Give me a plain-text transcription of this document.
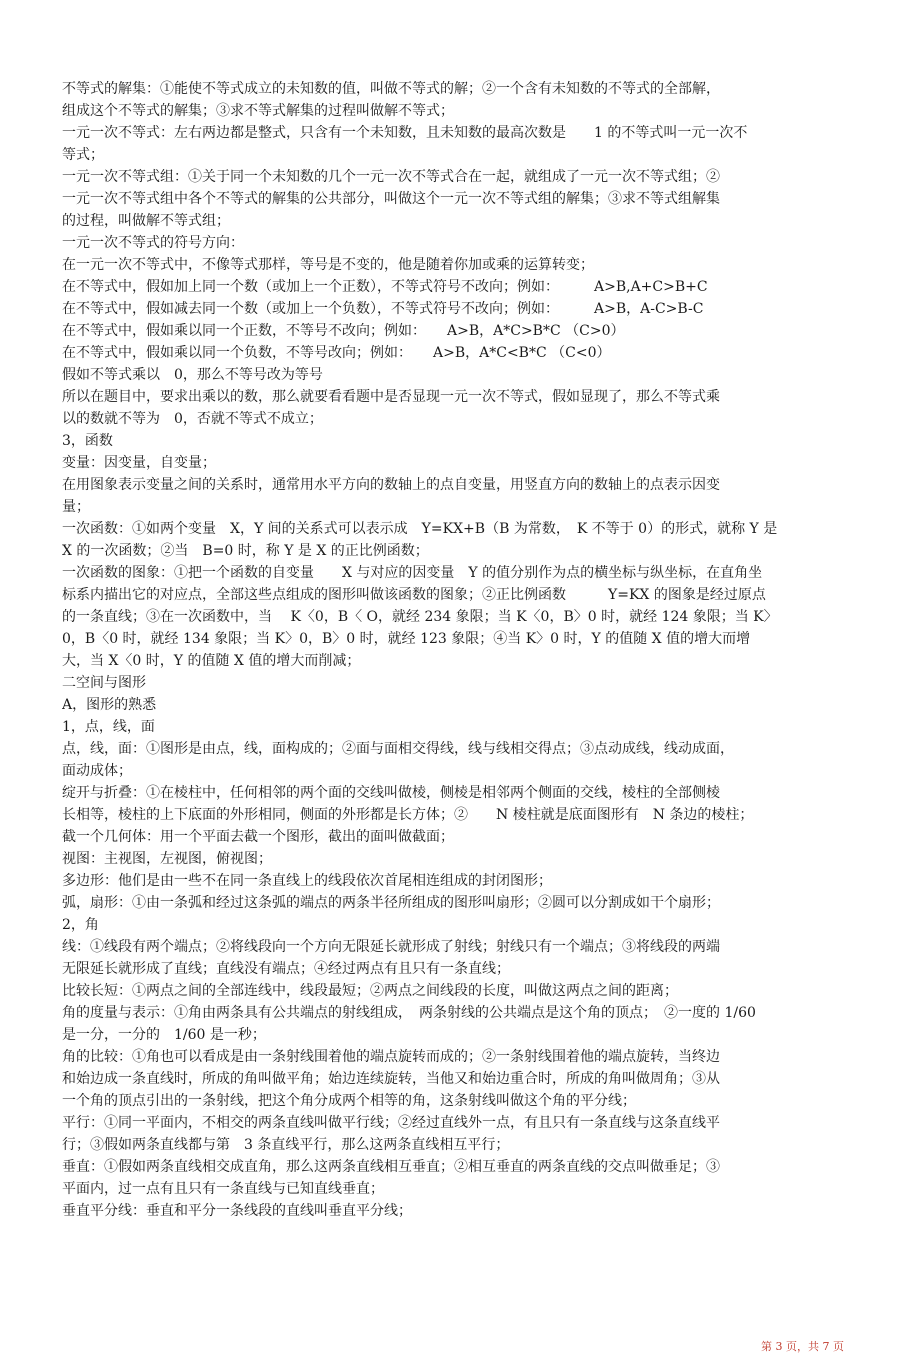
不等式的解集：①能使不等式成立的未知数的值，叫做不等式的解；②一个含有未知数的不等式的全部解，
组成这个不等式的解集；③求不等式解集的过程叫做解不等式；
一元一次不等式：左右两边都是整式，只含有一个未知数，且未知数的最高次数是　　1 的不等式叫一元一次不
等式；
一元一次不等式组：①关于同一个未知数的几个一元一次不等式合在一起，就组成了一元一次不等式组；②
一元一次不等式组中各个不等式的解集的公共部分，叫做这个一元一次不等式组的解集；③求不等式组解集
的过程，叫做解不等式组；
一元一次不等式的符号方向：
在一元一次不等式中，不像等式那样，等号是不变的，他是随着你加或乘的运算转变；
在不等式中，假如加上同一个数（或加上一个正数），不等式符号不改向；例如：　　　A>B,A+C>B+C
在不等式中，假如减去同一个数（或加上一个负数），不等式符号不改向；例如：　　　A>B，A-C>B-C
在不等式中，假如乘以同一个正数，不等号不改向；例如：　　A>B，A*C>B*C （C>0）
在不等式中，假如乘以同一个负数，不等号改向；例如：　　A>B，A*C<B*C （C<0）
假如不等式乘以　0，那么不等号改为等号
所以在题目中，要求出乘以的数，那么就要看看题中是否显现一元一次不等式，假如显现了，那么不等式乘
以的数就不等为　0，否就不等式不成立；
3，函数
变量：因变量，自变量；
在用图象表示变量之间的关系时，通常用水平方向的数轴上的点自变量，用竖直方向的数轴上的点表示因变
量；
一次函数：①如两个变量　X，Y 间的关系式可以表示成　Y=KX+B（B 为常数，　K 不等于 0）的形式，就称 Y 是
X 的一次函数；②当　B=0 时，称 Y 是 X 的正比例函数；
一次函数的图象：①把一个函数的自变量　　X 与对应的因变量　Y 的值分别作为点的横坐标与纵坐标，在直角坐
标系内描出它的对应点，全部这些点组成的图形叫做该函数的图象；②正比例函数　　　Y=KX 的图象是经过原点
的一条直线；③在一次函数中，当　 K〈0，B〈 O，就经 234 象限；当 K〈0，B〉0 时，就经 124 象限；当 K〉
0，B〈0 时，就经 134 象限；当 K〉0，B〉0 时，就经 123 象限；④当 K〉0 时，Y 的值随 X 值的增大而增
大，当 X〈0 时，Y 的值随 X 值的增大而削减；
二空间与图形
A，图形的熟悉
1，点，线，面
点，线，面：①图形是由点，线，面构成的；②面与面相交得线，线与线相交得点；③点动成线，线动成面，
面动成体；
绽开与折叠：①在棱柱中，任何相邻的两个面的交线叫做棱，侧棱是相邻两个侧面的交线，棱柱的全部侧棱
长相等，棱柱的上下底面的外形相同，侧面的外形都是长方体；②　　N 棱柱就是底面图形有　N 条边的棱柱；
截一个几何体：用一个平面去截一个图形，截出的面叫做截面；
视图：主视图，左视图，俯视图；
多边形：他们是由一些不在同一条直线上的线段依次首尾相连组成的封闭图形；
弧，扇形：①由一条弧和经过这条弧的端点的两条半径所组成的图形叫扇形；②圆可以分割成如干个扇形；
2，角
线：①线段有两个端点；②将线段向一个方向无限延长就形成了射线；射线只有一个端点；③将线段的两端
无限延长就形成了直线；直线没有端点；④经过两点有且只有一条直线；
比较长短：①两点之间的全部连线中，线段最短；②两点之间线段的长度，叫做这两点之间的距离；
角的度量与表示：①角由两条具有公共端点的射线组成，　两条射线的公共端点是这个角的顶点；　②一度的 1/60
是一分，一分的　1/60 是一秒；
角的比较：①角也可以看成是由一条射线围着他的端点旋转而成的；②一条射线围着他的端点旋转，当终边
和始边成一条直线时，所成的角叫做平角；始边连续旋转，当他又和始边重合时，所成的角叫做周角；③从
一个角的顶点引出的一条射线，把这个角分成两个相等的角，这条射线叫做这个角的平分线；
平行：①同一平面内，不相交的两条直线叫做平行线；②经过直线外一点，有且只有一条直线与这条直线平
行；③假如两条直线都与第　3 条直线平行，那么这两条直线相互平行；
垂直：①假如两条直线相交成直角，那么这两条直线相互垂直；②相互垂直的两条直线的交点叫做垂足；③
平面内，过一点有且只有一条直线与已知直线垂直；
垂直平分线：垂直和平分一条线段的直线叫垂直平分线；
第 3 页，共 7 页
